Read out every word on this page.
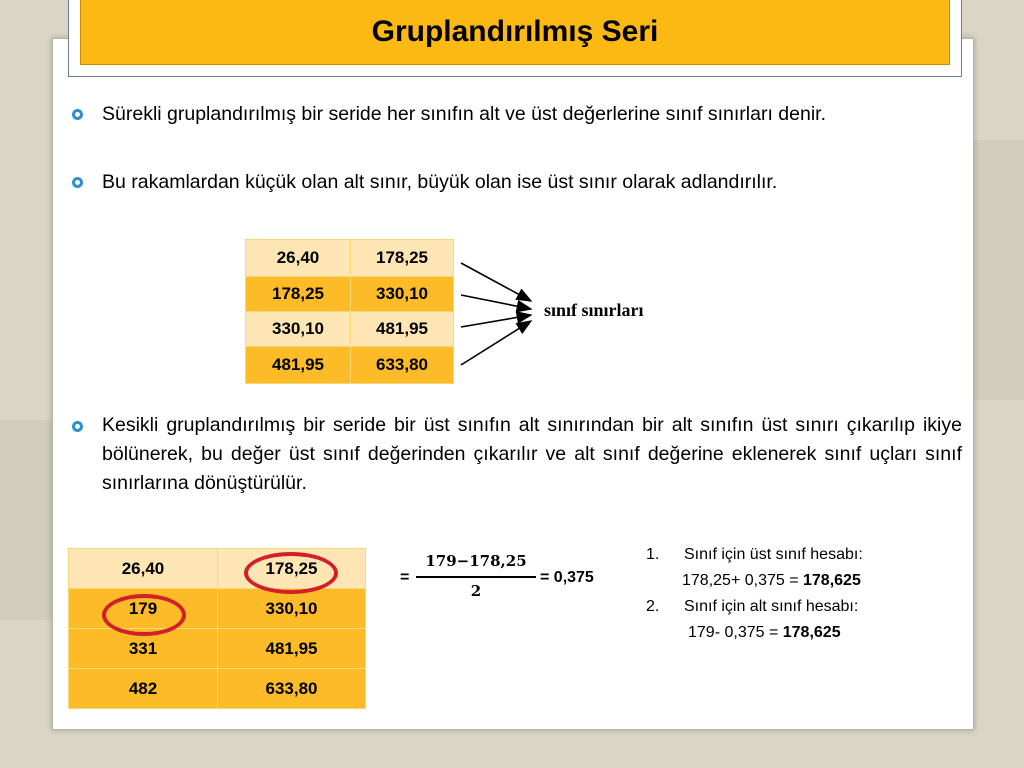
Gruplandırılmış Seri
Sürekli gruplandırılmış bir seride her sınıfın alt ve üst değerlerine sınıf sınırları denir.
Bu rakamlardan küçük olan alt sınır, büyük olan ise üst sınır olarak adlandırılır.
26,40	178,25
178,25	330,10
330,10	481,95
481,95	633,80
sınıf sınırları
Kesikli gruplandırılmış bir seride bir üst sınıfın alt sınırından bir alt sınıfın üst sınırı çıkarılıp ikiye bölünerek, bu değer üst sınıf değerinden çıkarılır ve alt sınıf değerine eklenerek sınıf uçları sınıf sınırlarına dönüştürülür.
26,40	178,25
179	330,10
331	481,95
482	633,80
=
179−178,25
2
= 0,375
1. Sınıf için üst sınıf hesabı:
178,25+ 0,375 = 178,625
2. Sınıf için alt sınıf hesabı:
179- 0,375 = 178,625
